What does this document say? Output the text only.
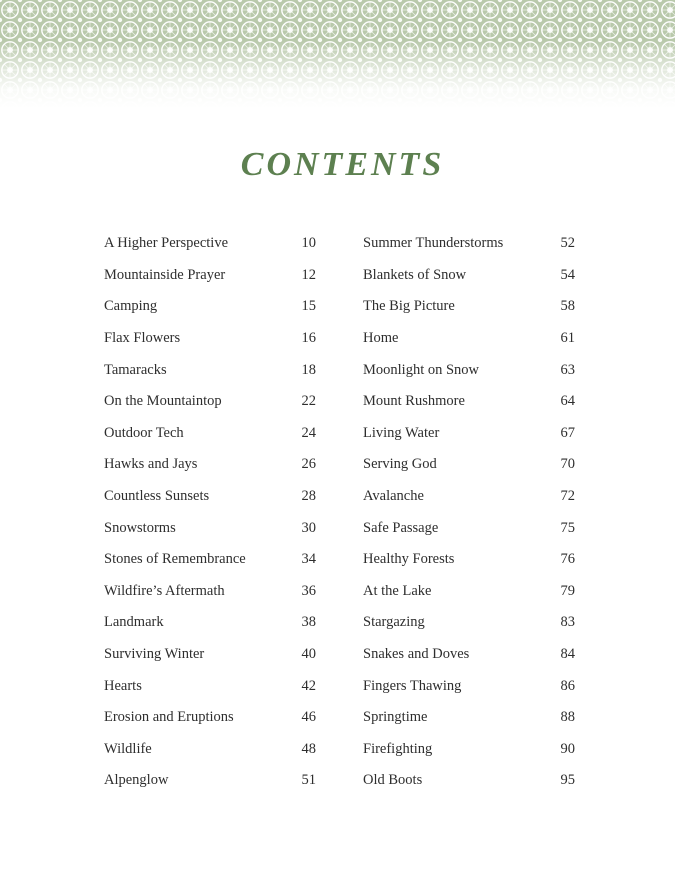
CONTENTS
A Higher Perspective	10
Mountainside Prayer	12
Camping	15
Flax Flowers	16
Tamaracks	18
On the Mountaintop	22
Outdoor Tech	24
Hawks and Jays	26
Countless Sunsets	28
Snowstorms	30
Stones of Remembrance	34
Wildfire’s Aftermath	36
Landmark	38
Surviving Winter	40
Hearts	42
Erosion and Eruptions	46
Wildlife	48
Alpenglow	51
Summer Thunderstorms	52
Blankets of Snow	54
The Big Picture	58
Home	61
Moonlight on Snow	63
Mount Rushmore	64
Living Water	67
Serving God	70
Avalanche	72
Safe Passage	75
Healthy Forests	76
At the Lake	79
Stargazing	83
Snakes and Doves	84
Fingers Thawing	86
Springtime	88
Firefighting	90
Old Boots	95
